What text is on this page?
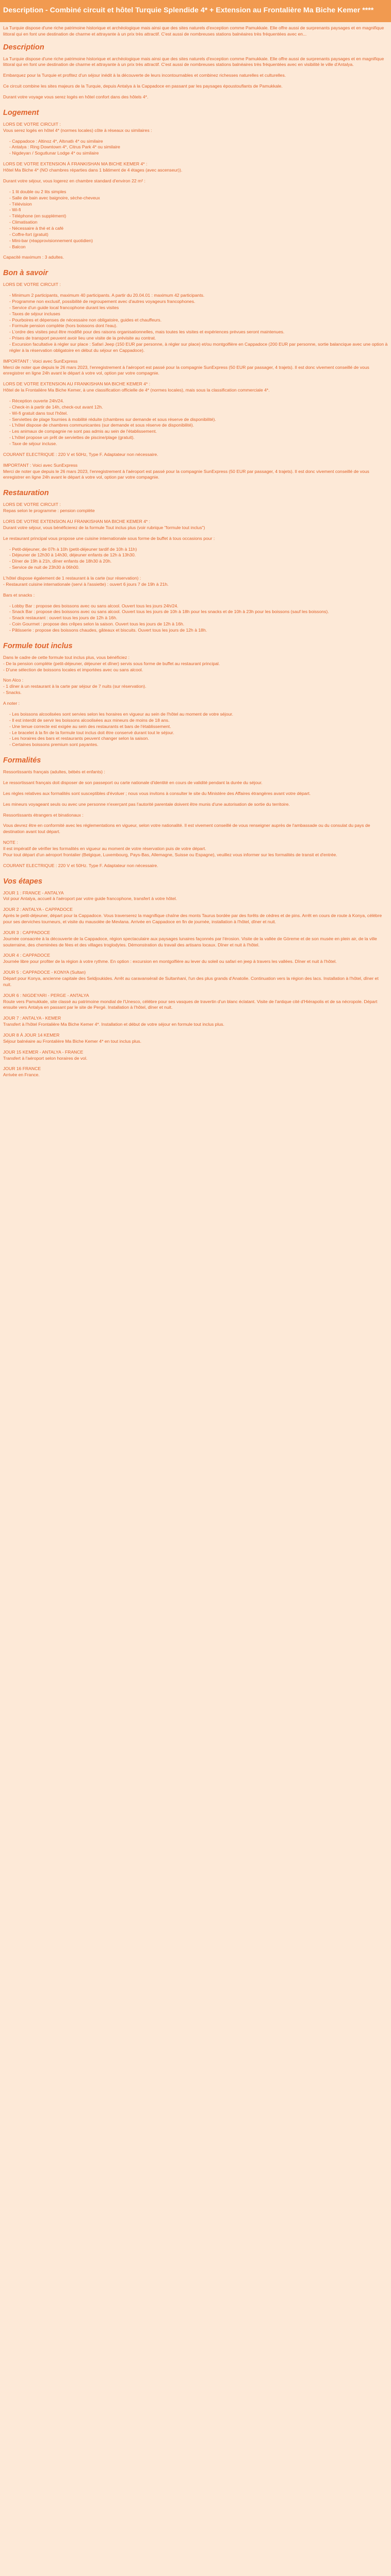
Description - Combiné circuit et hôtel Turquie Splendide 4* + Extension au Frontalière Ma Biche Kemer ****

La Turquie dispose d'une riche patrimoine historique et archéologique mais ainsi que des sites naturels d'exception comme Pamukkale. Elle offre aussi de surprenants paysages et en magnifique littoral qui en font une destination de charme et attrayante à un prix très attractif. C'est aussi de nombreuses stations balnéaires très fréquentées avec en...

Description

La Turquie dispose d'une riche patrimoine historique et archéologique mais ainsi que des sites naturels d'exception comme Pamukkale. Elle offre aussi de surprenants paysages et en magnifique littoral qui en font une destination de charme et attrayante à un prix très attractif. C'est aussi de nombreuses stations balnéaires très fréquentées avec en visibilité le ville d'Antalya.

Embarquez pour la Turquie et profitez d'un séjour inédit à la découverte de leurs incontournables et combinez richesses naturelles et culturelles.

Ce circuit combine les sites majeurs de la Turquie, depuis Antalya à la Cappadoce en passant par les paysages époustouflants de Pamukkale.

Durant votre voyage vous serez logés en hôtel confort dans des hôtels 4*.

Logement

LORS DE VOTRE CIRCUIT :
Vous serez logés en hôtel 4* (normes locales) côte à réseaux ou similaires :

- Cappadoce : Altinoz 4*, Altınatlı 4* ou similaire
- Antalya : Ring Downtown 4*, Citrus Park 4* ou similaire
- Nigdeyarı / Sogutlunar Lodge 4* ou similaire

LORS DE VOTRE EXTENSION À FRANKISHAN MA BICHE KEMER 4* :
Hôtel Ma Biche 4* (NO chambres réparties dans 1 bâtiment de 4 étages (avec ascenseur)).

Durant votre séjour, vous logerez en chambre standard d'environ 22 m² :

- 1 lit double ou 2 lits simples
- Salle de bain avec baignoire, sèche-cheveux
- Télévision
- Wi-fi
- Téléphone (en supplément)
- Climatisation
- Nécessaire à thé et à café
- Coffre-fort (gratuit)
- Mini-bar (réapprovisionnement quotidien)
- Balcon

Capacité maximum : 3 adultes.

Bon à savoir

LORS DE VOTRE CIRCUIT :

- Minimum 2 participants, maximum 40 participants. A partir du 20.04.01 : maximum 42 participants.
- Programme non exclusif, possibilité de regroupement avec d'autres voyageurs francophones.
- Service d'un guide local francophone durant les visites
- Taxes de séjour incluses
- Pourboires et dépenses de nécessaire non obligatoire, guides et chauffeurs.
- Formule pension complète (hors boissons dont l'eau).
- L'ordre des visites peut être modifié pour des raisons organisationnelles, mais toutes les visites et expériences prévues seront maintenues.
- Prises de transport peuvent avoir lieu une visite de la prévisite au contrat.
- Excursion facultative à régler sur place : Safari Jeep (150 EUR par personne, à régler sur place) et/ou montgolfière en Cappadoce (200 EUR par personne, sortie balancique avec une option à régler à la réservation obligatoire en début du séjour en Cappadoce).

IMPORTANT : Voici avec SunExpress
Merci de noter que depuis le 26 mars 2023, l'enregistrement à l'aéroport est passé pour la compagnie SunExpress (50 EUR par passager, 4 trajets). Il est donc vivement conseillé de vous enregistrer en ligne 24h avant le départ à votre vol, option par votre compagnie.

LORS DE VOTRE EXTENSION AU FRANKISHAN MA BICHE KEMER 4* :
Hôtel de la Frontalière Ma Biche Kemer, à une classification officielle de 4* (normes locales), mais sous la classification commerciale 4*.

- Réception ouverte 24h/24.
- Check-in à partir de 14h, check-out avant 12h.
- Wi-fi gratuit dans tout l'hôtel.
- Serviettes de plage fournies à mobilité réduite (chambres sur demande et sous réserve de disponibilité).
- L'hôtel dispose de chambres communicantes (sur demande et sous réserve de disponibilité).
- Les animaux de compagnie ne sont pas admis au sein de l'établissement.
- L'hôtel propose un prêt de serviettes de piscine/plage (gratuit).
- Taxe de séjour incluse.

COURANT ELECTRIQUE : 220 V et 50Hz, Type F. Adaptateur non nécessaire.

IMPORTANT : Voici avec SunExpress
Merci de noter que depuis le 26 mars 2023, l'enregistrement à l'aéroport est passé pour la compagnie SunExpress (50 EUR par passager, 4 trajets). Il est donc vivement conseillé de vous enregistrer en ligne 24h avant le départ à votre vol, option par votre compagnie.

Restauration

LORS DE VOTRE CIRCUIT :
Repas selon le programme : pension complète

LORS DE VOTRE EXTENSION AU FRANKISHAN MA BICHE KEMER 4* :
Durant votre séjour, vous bénéficierez de la formule Tout inclus plus (voir rubrique "formule tout inclus")

Le restaurant principal vous propose une cuisine internationale sous forme de buffet à tous occasions pour :

- Petit-déjeuner, de 07h à 10h (petit-déjeuner tardif de 10h à 11h)
- Déjeuner de 12h30 à 14h30, déjeuner enfants de 12h à 13h30.
- Dîner de 19h à 21h, dîner enfants de 18h30 à 20h.
- Service de nuit de 23h30 à 06h00.

L'hôtel dispose également de 1 restaurant à la carte (sur réservation) :
- Restaurant cuisine internationale (servi à l'assiette) : ouvert 6 jours 7 de 19h à 21h.

Bars et snacks :

- Lobby Bar : propose des boissons avec ou sans alcool. Ouvert tous les jours 24h/24.
- Snack Bar : propose des boissons avec ou sans alcool. Ouvert tous les jours de 10h à 18h pour les snacks et de 10h à 23h pour les boissons (sauf les boissons).
- Snack restaurant : ouvert tous les jours de 12h à 16h.
- Coin Gourmet : propose des crêpes selon la saison. Ouvert tous les jours de 12h à 16h.
- Pâtisserie : propose des boissons chaudes, gâteaux et biscuits. Ouvert tous les jours de 12h à 18h.
Formule tout inclus

Dans le cadre de cette formule tout inclus plus, vous bénéficiez :
- De la pension complète (petit-déjeuner, déjeuner et dîner) servis sous forme de buffet au restaurant principal.
- D'une sélection de boissons locales et importées avec ou sans alcool.

Non Alco :
- 1 dîner à un restaurant à la carte par séjour de 7 nuits (sur réservation).
- Snacks.

A noter :

- Les boissons alcoolisées sont servies selon les horaires en vigueur au sein de l'hôtel au moment de votre séjour.
- Il est interdit de servir les boissons alcoolisées aux mineurs de moins de 18 ans.
- Une tenue correcte est exigée au sein des restaurants et bars de l'établissement.
- Le bracelet à la fin de la formule tout inclus doit être conservé durant tout le séjour.
- Les horaires des bars et restaurants peuvent changer selon la saison.
- Certaines boissons premium sont payantes.
Formalités

Ressortissants français (adultes, bébés et enfants) :

Le ressortissant français doit disposer de son passeport ou carte nationale d'identité en cours de validité pendant la durée du séjour.

Les règles relatives aux formalités sont susceptibles d'évoluer ; nous vous invitons à consulter le site du Ministère des Affaires étrangères avant votre départ.

Les mineurs voyageant seuls ou avec une personne n'exerçant pas l'autorité parentale doivent être munis d'une autorisation de sortie du territoire.

Ressortissants étrangers et binationaux :

Vous devrez être en conformité avec les réglementations en vigueur, selon votre nationalité. Il est vivement conseillé de vous renseigner auprès de l'ambassade ou du consulat du pays de destination avant tout départ.

NOTE :
Il est impératif de vérifier les formalités en vigueur au moment de votre réservation puis de votre départ.
Pour tout départ d'un aéroport frontalier (Belgique, Luxembourg, Pays-Bas, Allemagne, Suisse ou Espagne), veuillez vous informer sur les formalités de transit et d'entrée.

COURANT ELECTRIQUE : 220 V et 50Hz. Type F. Adaptateur non nécessaire.

Vos étapes

JOUR 1 : FRANCE - ANTALYA
Vol pour Antalya, accueil à l'aéroport par votre guide francophone, transfert à votre hôtel.

JOUR 2 : ANTALYA - CAPPADOCE
Après le petit-déjeuner, départ pour la Cappadoce. Vous traverserez la magnifique chaîne des monts Taurus bordée par des forêts de cèdres et de pins. Arrêt en cours de route à Konya, célèbre pour ses derviches tourneurs, et visite du mausolée de Mevlana. Arrivée en Cappadoce en fin de journée, installation à l'hôtel, dîner et nuit.

JOUR 3 : CAPPADOCE
Journée consacrée à la découverte de la Cappadoce, région spectaculaire aux paysages lunaires façonnés par l'érosion. Visite de la vallée de Göreme et de son musée en plein air, de la ville souterraine, des cheminées de fées et des villages troglodytes. Démonstration du travail des artisans locaux. Dîner et nuit à l'hôtel.

JOUR 4 : CAPPADOCE
Journée libre pour profiter de la région à votre rythme. En option : excursion en montgolfière au lever du soleil ou safari en jeep à travers les vallées. Dîner et nuit à l'hôtel.

JOUR 5 : CAPPADOCE - KONYA (Sultan)
Départ pour Konya, ancienne capitale des Seldjoukides. Arrêt au caravansérail de Sultanhani, l'un des plus grands d'Anatolie. Continuation vers la région des lacs. Installation à l'hôtel, dîner et nuit.

JOUR 6 : NIGDEYARI - PERGE - ANTALYA
Route vers Pamukkale, site classé au patrimoine mondial de l'Unesco, célèbre pour ses vasques de travertin d'un blanc éclatant. Visite de l'antique cité d'Hiérapolis et de sa nécropole. Départ ensuite vers Antalya en passant par le site de Pergé. Installation à l'hôtel, dîner et nuit.

JOUR 7 : ANTALYA - KEMER
Transfert à l'hôtel Frontalière Ma Biche Kemer 4*. Installation et début de votre séjour en formule tout inclus plus.

JOUR 8 À JOUR 14 KEMER
Séjour balnéaire au Frontalière Ma Biche Kemer 4* en tout inclus plus.

JOUR 15 KEMER - ANTALYA - FRANCE
Transfert à l'aéroport selon horaires de vol.

JOUR 16 FRANCE
Arrivée en France.
